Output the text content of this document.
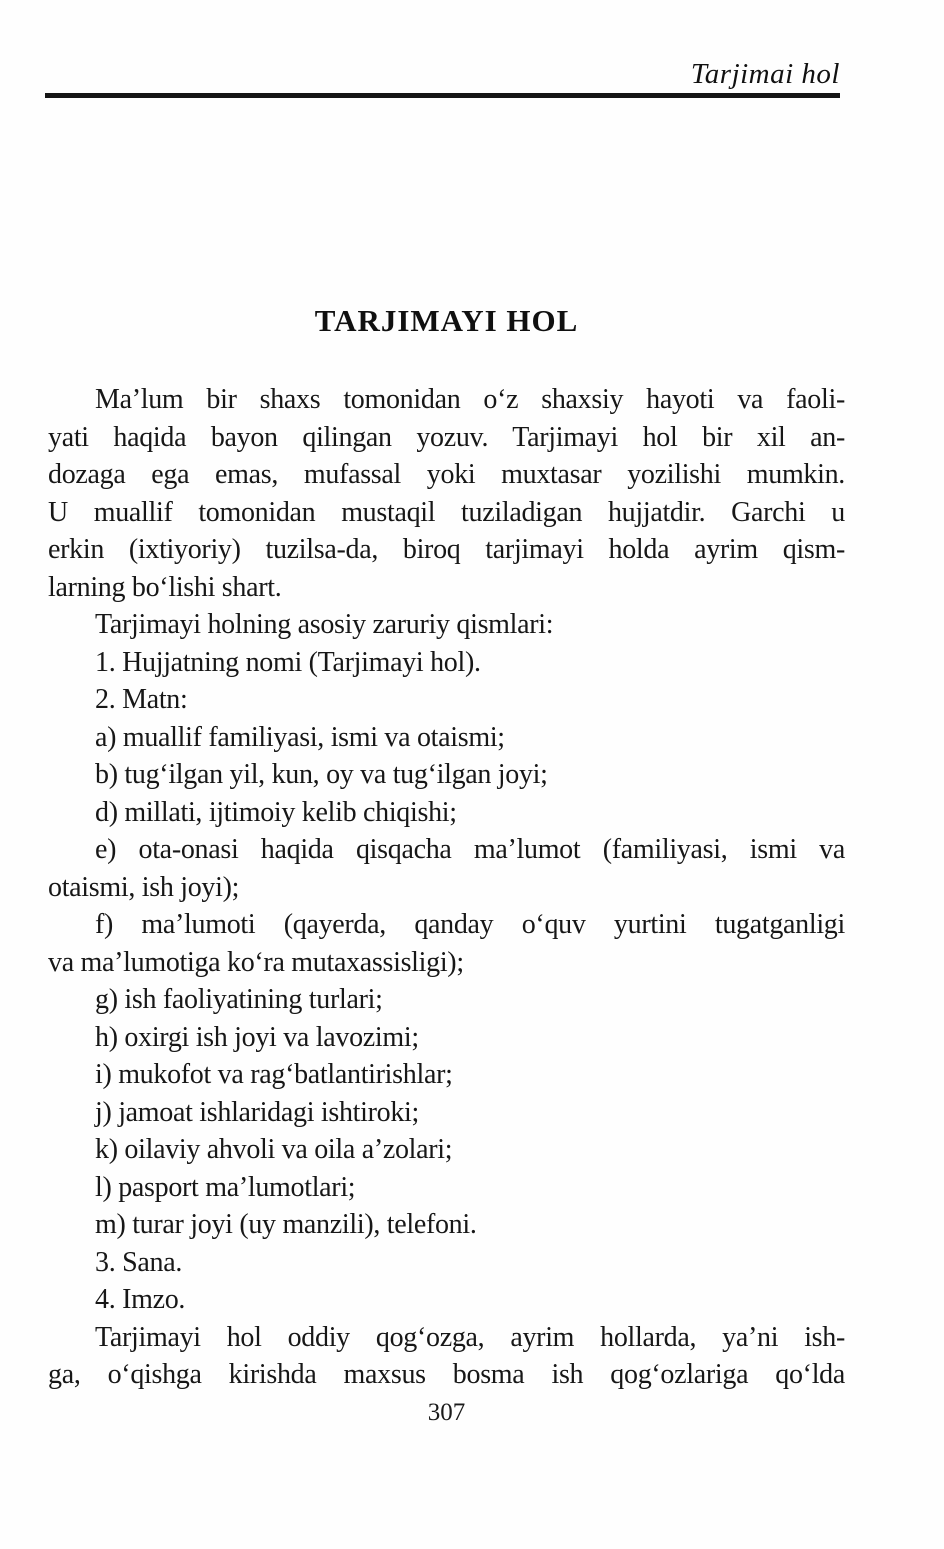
Tarjimai hol
TARJIMAYI HOL
Ma’lum bir shaxs tomonidan oʻz shaxsiy hayoti va faoli-
yati haqida bayon qilingan yozuv. Tarjimayi hol bir xil an-
dozaga ega emas, mufassal yoki muxtasar yozilishi mumkin.
U muallif tomonidan mustaqil tuziladigan hujjatdir. Garchi u
erkin (ixtiyoriy) tuzilsa-da, biroq tarjimayi holda ayrim qism-
larning boʻlishi shart.
Tarjimayi holning asosiy zaruriy qismlari:
1. Hujjatning nomi (Tarjimayi hol).
2. Matn:
a) muallif familiyasi, ismi va otaismi;
b) tugʻilgan yil, kun, oy va tugʻilgan joyi;
d) millati, ijtimoiy kelib chiqishi;
e) ota-onasi haqida qisqacha ma’lumot (familiyasi, ismi va
otaismi, ish joyi);
f) ma’lumoti (qayerda, qanday oʻquv yurtini tugatganligi
va ma’lumotiga koʻra mutaxassisligi);
g) ish faoliyatining turlari;
h) oxirgi ish joyi va lavozimi;
i) mukofot va ragʻbatlantirishlar;
j) jamoat ishlaridagi ishtiroki;
k) oilaviy ahvoli va oila a’zolari;
l) pasport ma’lumotlari;
m) turar joyi (uy manzili), telefoni.
3. Sana.
4. Imzo.
Tarjimayi hol oddiy qogʻozga, ayrim hollarda, ya’ni ish-
ga, oʻqishga kirishda maxsus bosma ish qogʻozlariga qoʻlda
307
